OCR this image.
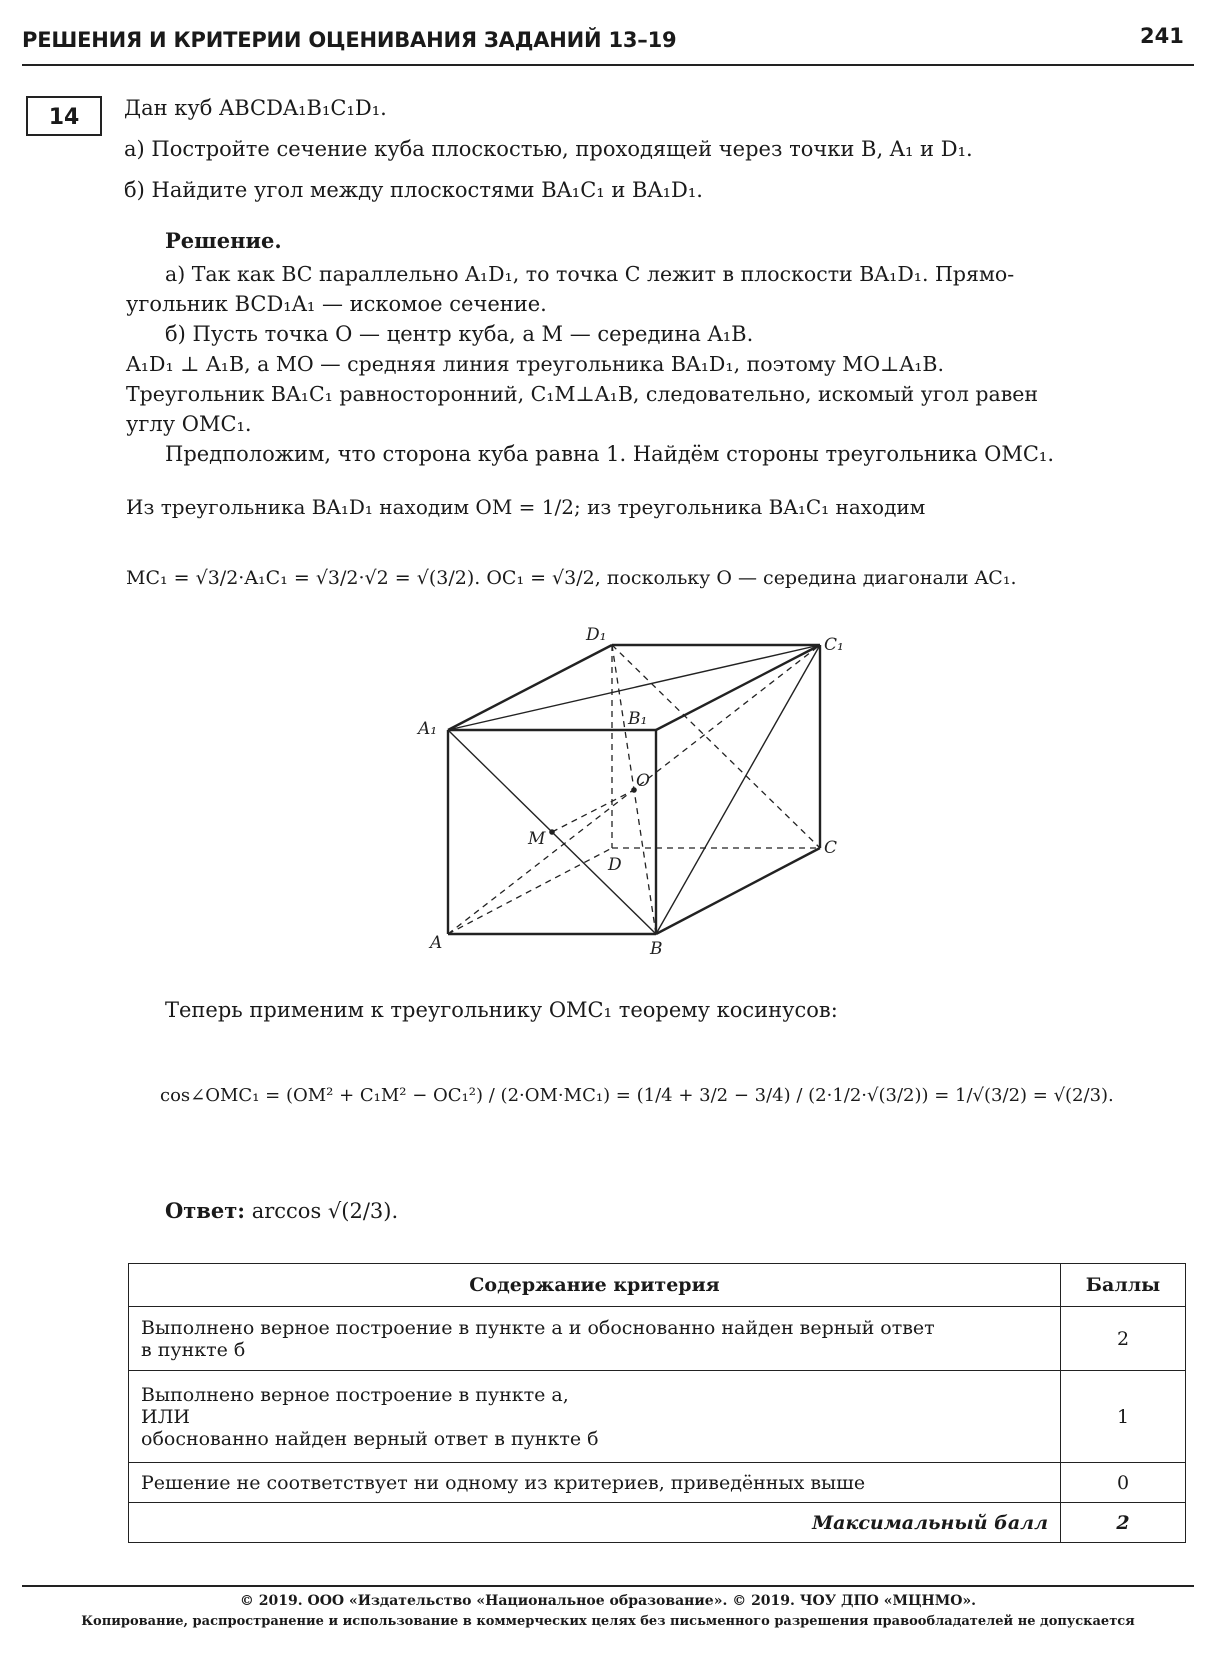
РЕШЕНИЯ И КРИТЕРИИ ОЦЕНИВАНИЯ ЗАДАНИЙ 13–19	241
14	Дан куб ABCDA₁B₁C₁D₁.
а) Постройте сечение куба плоскостью, проходящей через точки B, A₁ и D₁.
б) Найдите угол между плоскостями BA₁C₁ и BA₁D₁.
Решение.
а) Так как BC параллельно A₁D₁, то точка C лежит в плоскости BA₁D₁. Прямо-
угольник BCD₁A₁ — искомое сечение.
б) Пусть точка O — центр куба, а M — середина A₁B.
A₁D₁ ⊥ A₁B, а MO — средняя линия треугольника BA₁D₁, поэтому MO⊥A₁B.
Треугольник BA₁C₁ равносторонний, C₁M⊥A₁B, следовательно, искомый угол равен
углу OMC₁.
Предположим, что сторона куба равна 1. Найдём стороны треугольника OMC₁.
Из треугольника BA₁D₁ находим OM = 1/2; из треугольника BA₁C₁ находим
MC₁ = √3/2·A₁C₁ = √3/2·√2 = √(3/2). OC₁ = √3/2, поскольку O — середина диагонали AC₁.
D₁	C₁
B₁
A₁
O
M
D
C
A	B
Теперь применим к треугольнику OMC₁ теорему косинусов:
cos∠OMC₁ = (OM² + C₁M² − OC₁²) / (2·OM·MC₁) = (1/4 + 3/2 − 3/4) / (2·1/2·√(3/2)) = 1/√(3/2) = √(2/3).
Ответ: arccos √(2/3).
Содержание критерия	Баллы

Выполнено верное построение в пункте а и обоснованно найден верный ответ
в пункте б	2

Выполнено верное построение в пункте а,
ИЛИ
обоснованно найден верный ответ в пункте б	1
Решение не соответствует ни одному из критериев, приведённых выше	0
Максимальный балл	2
© 2019. ООО «Издательство «Национальное образование». © 2019. ЧОУ ДПО «МЦНМО».
Копирование, распространение и использование в коммерческих целях без письменного разрешения правообладателей не допускается
